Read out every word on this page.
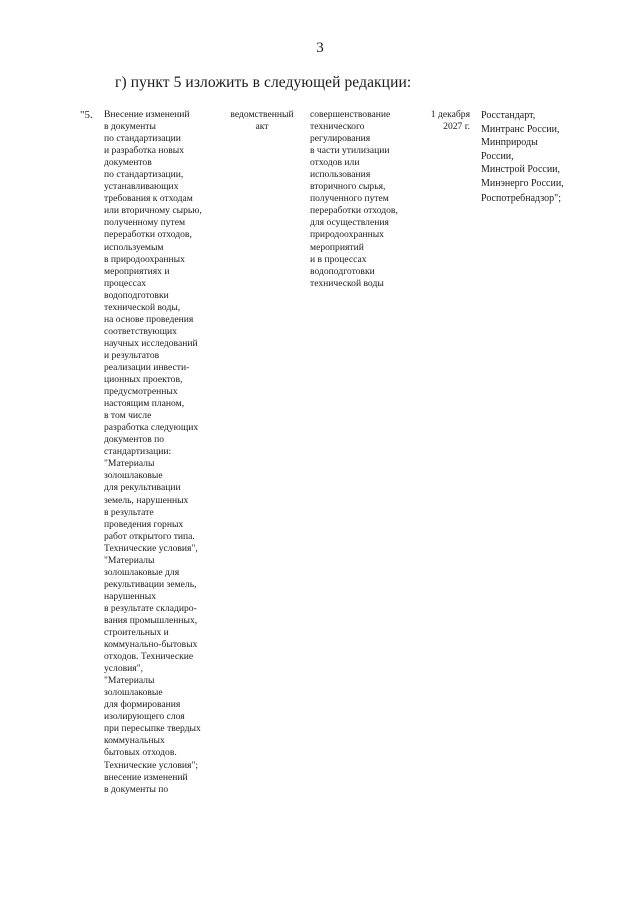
3
г) пункт 5 изложить в следующей редакции:
"5. Внесение изменений
в документы
по стандартизации
и разработка новых
документов
по стандартизации,
устанавливающих
требования к отходам
или вторичному сырью,
полученному путем
переработки отходов,
используемым
в природоохранных
мероприятиях и
процессах
водоподготовки
технической воды,
на основе проведения
соответствующих
научных исследований
и результатов
реализации инвести-
ционных проектов,
предусмотренных
настоящим планом,
в том числе
разработка следующих
документов по
стандартизации:
"Материалы
золошлаковые
для рекультивации
земель, нарушенных
в результате
проведения горных
работ открытого типа.
Технические условия",
"Материалы
золошлаковые для
рекультивации земель,
нарушенных
в результате складиро-
вания промышленных,
строительных и
коммунально-бытовых
отходов. Технические
условия",
"Материалы
золошлаковые
для формирования
изолирующего слоя
при пересыпке твердых
коммунальных
бытовых отходов.
Технические условия";
внесение изменений
в документы по
ведомственный
акт
совершенствование
технического
регулирования
в части утилизации
отходов или
использования
вторичного сырья,
полученного путем
переработки отходов,
для осуществления
природоохранных
мероприятий
и в процессах
водоподготовки
технической воды
1 декабря
2027 г.
Росстандарт,
Минтранс России,
Минприроды
России,
Минстрой России,
Минэнерго России,
Роспотребнадзор";
